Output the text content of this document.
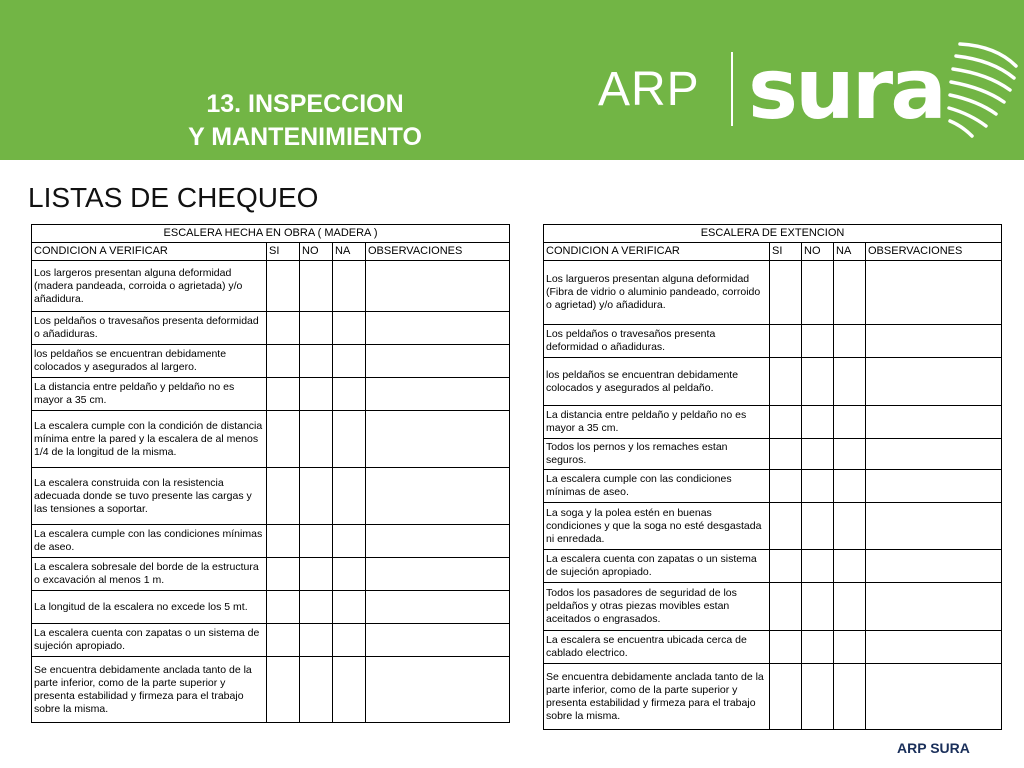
13. INSPECCION
Y MANTENIMIENTO
ARP sura
LISTAS DE CHEQUEO
ESCALERA HECHA EN OBRA ( MADERA )				
CONDICION A VERIFICAR	SI	NO	NA	OBSERVACIONES
Los largeros presentan alguna deformidad (madera pandeada, corroida o agrietada) y/o añadidura.				
Los peldaños o travesaños presenta deformidad o añadiduras.				
los peldaños se encuentran debidamente colocados y asegurados al largero.				
La distancia entre peldaño y peldaño no es mayor a 35 cm.				
La escalera cumple con la condición de distancia mínima entre la pared y la escalera de al menos 1/4 de la longitud de la misma.				
La escalera construida con la resistencia adecuada donde se tuvo presente las cargas y las tensiones a soportar.				
La escalera cumple con las condiciones mínimas de aseo.				
La escalera sobresale del borde de la estructura o excavación al menos 1 m.				
La longitud de la escalera no excede los 5 mt.				
La escalera cuenta con zapatas o un sistema de sujeción apropiado.				
Se encuentra debidamente anclada tanto de la parte inferior, como de la parte superior y presenta estabilidad y firmeza para el trabajo sobre la misma.				
ESCALERA DE EXTENCION				
CONDICION A VERIFICAR	SI	NO	NA	OBSERVACIONES
Los largueros presentan alguna deformidad (Fibra de vidrio o aluminio pandeado, corroido o agrietad) y/o añadidura.				
Los peldaños o travesaños presenta deformidad o añadiduras.				
los peldaños se encuentran debidamente colocados y asegurados al peldaño.				
La distancia entre peldaño y peldaño no es mayor a 35 cm.				
Todos los pernos y los remaches estan seguros.				
La escalera cumple con las condiciones mínimas de aseo.				
La soga y la polea estén en buenas condiciones y que la soga no esté desgastada ni enredada.				
La escalera cuenta con zapatas o un sistema de sujeción apropiado.				
Todos los pasadores de seguridad de los peldaños y otras piezas movibles estan aceitados o engrasados.				
La escalera se encuentra ubicada cerca de cablado electrico.				
Se encuentra debidamente anclada tanto de la parte inferior, como de la parte superior y presenta estabilidad y firmeza para el trabajo sobre la misma.				
ARP SURA
